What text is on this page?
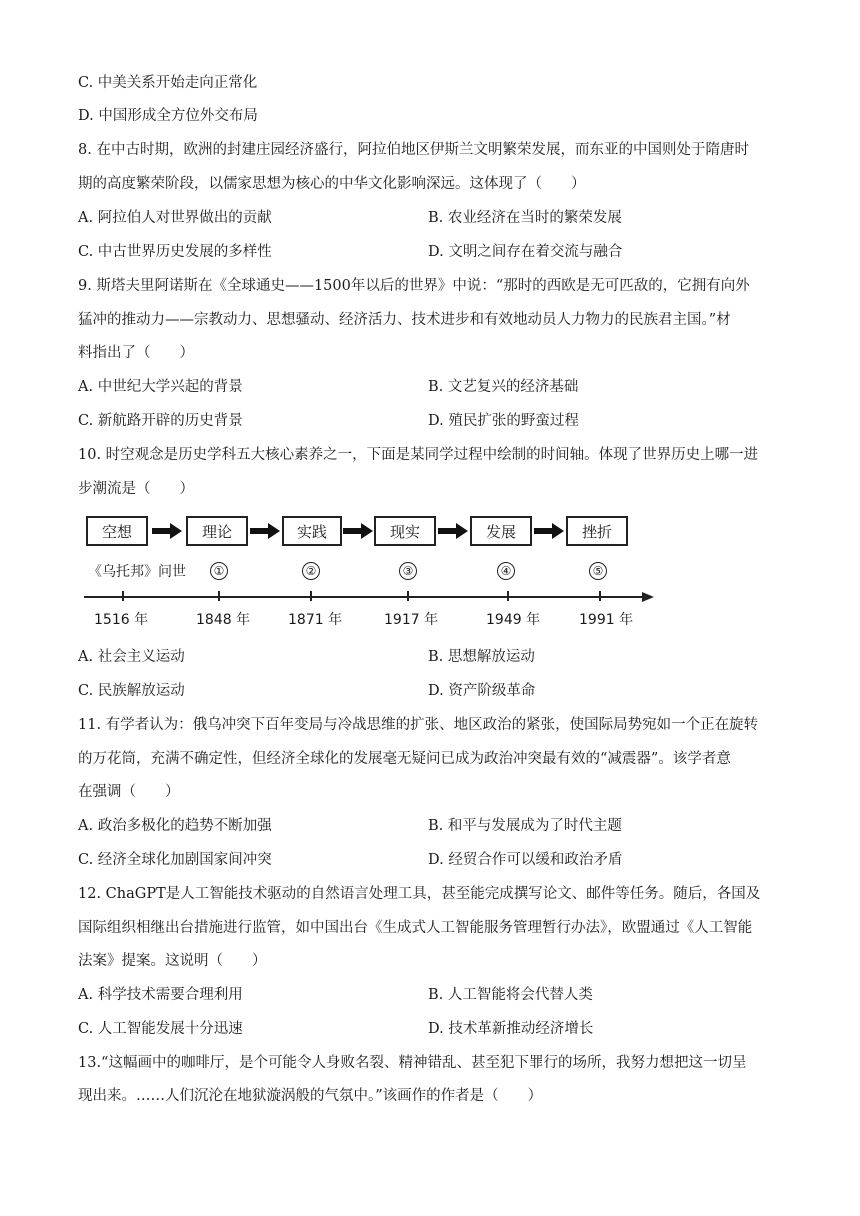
C. 中美关系开始走向正常化
D. 中国形成全方位外交布局
8. 在中古时期，欧洲的封建庄园经济盛行，阿拉伯地区伊斯兰文明繁荣发展，而东亚的中国则处于隋唐时
期的高度繁荣阶段，以儒家思想为核心的中华文化影响深远。这体现了（　　）
A. 阿拉伯人对世界做出的贡献	B. 农业经济在当时的繁荣发展
C. 中古世界历史发展的多样性	D. 文明之间存在着交流与融合
9. 斯塔夫里阿诺斯在《全球通史——1500年以后的世界》中说：“那时的西欧是无可匹敌的，它拥有向外
猛冲的推动力——宗教动力、思想骚动、经济活力、技术进步和有效地动员人力物力的民族君主国。”材
料指出了（　　）
A. 中世纪大学兴起的背景	B. 文艺复兴的经济基础
C. 新航路开辟的历史背景	D. 殖民扩张的野蛮过程
10. 时空观念是历史学科五大核心素养之一，下面是某同学过程中绘制的时间轴。体现了世界历史上哪一进
步潮流是（　　）
空想	理论	实践	现实	发展	挫折
《乌托邦》问世	①	②	③	④	⑤
1516 年	1848 年	1871 年	1917 年	1949 年	1991 年
A. 社会主义运动	B. 思想解放运动
C. 民族解放运动	D. 资产阶级革命
11. 有学者认为：俄乌冲突下百年变局与冷战思维的扩张、地区政治的紧张，使国际局势宛如一个正在旋转
的万花筒，充满不确定性，但经济全球化的发展毫无疑问已成为政治冲突最有效的“减震器”。该学者意
在强调（　　）
A. 政治多极化的趋势不断加强	B. 和平与发展成为了时代主题
C. 经济全球化加剧国家间冲突	D. 经贸合作可以缓和政治矛盾
12. ChaGPT是人工智能技术驱动的自然语言处理工具，甚至能完成撰写论文、邮件等任务。随后，各国及
国际组织相继出台措施进行监管，如中国出台《生成式人工智能服务管理暂行办法》，欧盟通过《人工智能
法案》提案。这说明（　　）
A. 科学技术需要合理利用	B. 人工智能将会代替人类
C. 人工智能发展十分迅速	D. 技术革新推动经济增长
13.“这幅画中的咖啡厅，是个可能令人身败名裂、精神错乱、甚至犯下罪行的场所，我努力想把这一切呈
现出来。……人们沉沦在地狱漩涡般的气氛中。”该画作的作者是（　　）
